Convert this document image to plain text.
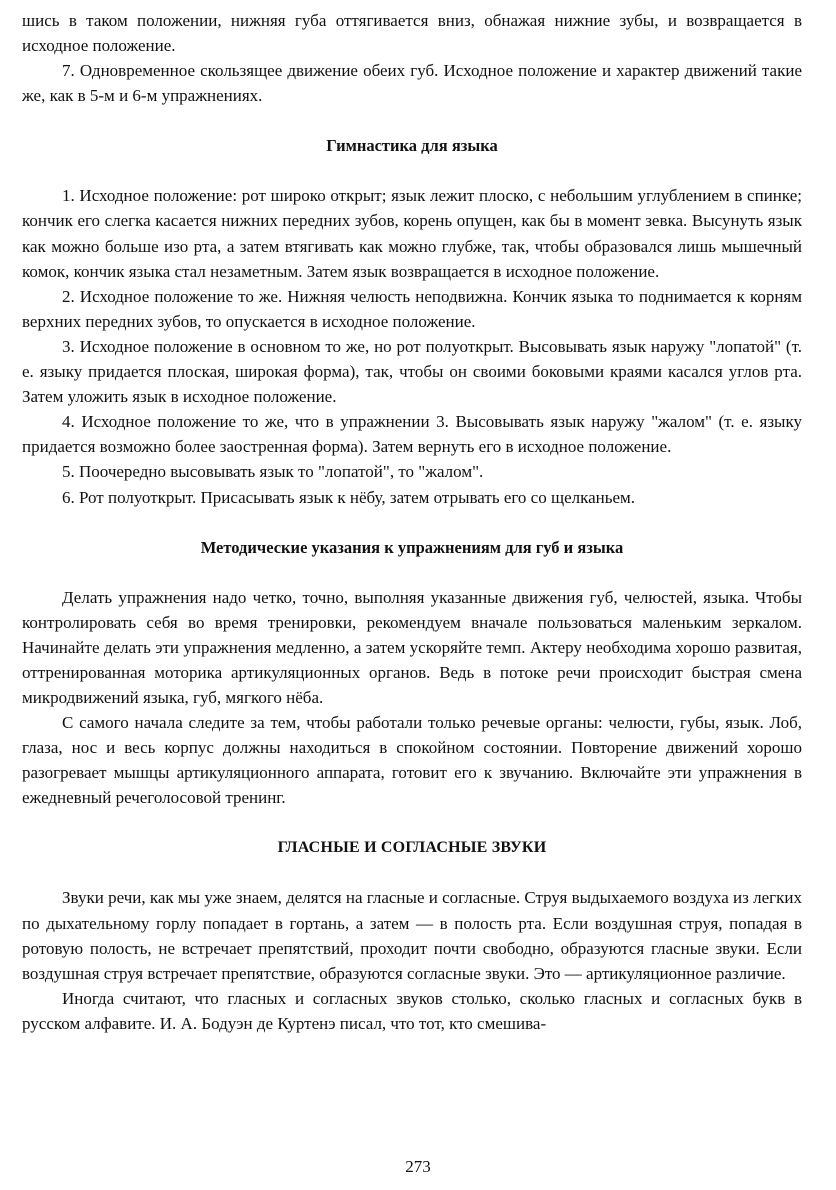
шись в таком положении, нижняя губа оттягивается вниз, обнажая нижние зубы, и возвращается в исходное положение.

7. Одновременное скользящее движение обеих губ. Исходное положение и характер движений такие же, как в 5-м и 6-м упражнениях.

Гимнастика для языка

1. Исходное положение: рот широко открыт; язык лежит плоско, с небольшим углублением в спинке; кончик его слегка касается нижних передних зубов, корень опущен, как бы в момент зевка. Высунуть язык как можно больше изо рта, а затем втягивать как можно глубже, так, чтобы образовался лишь мышечный комок, кончик языка стал незаметным. Затем язык возвращается в исходное положение.

2. Исходное положение то же. Нижняя челюсть неподвижна. Кончик языка то поднимается к корням верхних передних зубов, то опускается в исходное положение.

3. Исходное положение в основном то же, но рот полуоткрыт. Высовывать язык наружу "лопатой" (т. е. языку придается плоская, широкая форма), так, чтобы он своими боковыми краями касался углов рта. Затем уложить язык в исходное положение.

4. Исходное положение то же, что в упражнении 3. Высовывать язык наружу "жалом" (т. е. языку придается возможно более заостренная форма). Затем вернуть его в исходное положение.

5. Поочередно высовывать язык то "лопатой", то "жалом".

6. Рот полуоткрыт. Присасывать язык к нёбу, затем отрывать его со щелканьем.

Методические указания к упражнениям для губ и языка

Делать упражнения надо четко, точно, выполняя указанные движения губ, челюстей, языка. Чтобы контролировать себя во время тренировки, рекомендуем вначале пользоваться маленьким зеркалом. Начинайте делать эти упражнения медленно, а затем ускоряйте темп. Актеру необходима хорошо развитая, оттренированная моторика артикуляционных органов. Ведь в потоке речи происходит быстрая смена микродвижений языка, губ, мягкого нёба.

С самого начала следите за тем, чтобы работали только речевые органы: челюсти, губы, язык. Лоб, глаза, нос и весь корпус должны находиться в спокойном состоянии. Повторение движений хорошо разогревает мышцы артикуляционного аппарата, готовит его к звучанию. Включайте эти упражнения в ежедневный речеголосовой тренинг.

ГЛАСНЫЕ И СОГЛАСНЫЕ ЗВУКИ

Звуки речи, как мы уже знаем, делятся на гласные и согласные. Струя выдыхаемого воздуха из легких по дыхательному горлу попадает в гортань, а затем — в полость рта. Если воздушная струя, попадая в ротовую полость, не встречает препятствий, проходит почти свободно, образуются гласные звуки. Если воздушная струя встречает препятствие, образуются согласные звуки. Это — артикуляционное различие.

Иногда считают, что гласных и согласных звуков столько, сколько гласных и согласных букв в русском алфавите. И. А. Бодуэн де Куртенэ писал, что тот, кто смешива-

273
